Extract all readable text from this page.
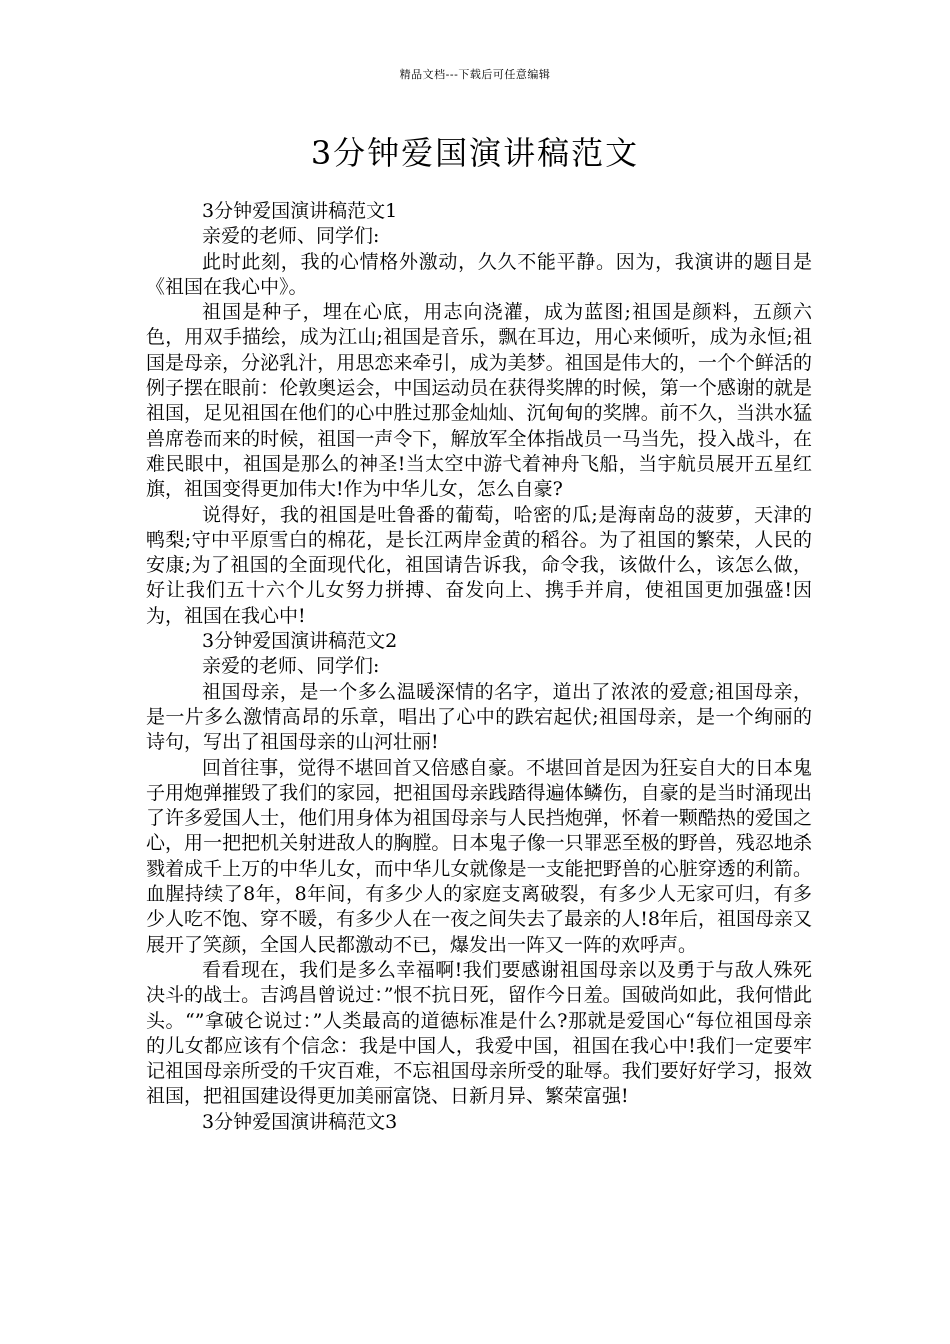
精品文档---下载后可任意编辑
3分钟爱国演讲稿范文

3分钟爱国演讲稿范文1

亲爱的老师、同学们:

此时此刻，我的心情格外激动，久久不能平静。因为，我演讲的题目是《祖国在我心中》。

祖国是种子，埋在心底，用志向浇灌，成为蓝图;祖国是颜料，五颜六色，用双手描绘，成为江山;祖国是音乐，飘在耳边，用心来倾听，成为永恒;祖国是母亲，分泌乳汁，用思恋来牵引，成为美梦。祖国是伟大的，一个个鲜活的例子摆在眼前：伦敦奥运会，中国运动员在获得奖牌的时候，第一个感谢的就是祖国，足见祖国在他们的心中胜过那金灿灿、沉甸甸的奖牌。前不久，当洪水猛兽席卷而来的时候，祖国一声令下，解放军全体指战员一马当先，投入战斗，在难民眼中，祖国是那么的神圣!当太空中游弋着神舟飞船，当宇航员展开五星红旗，祖国变得更加伟大!作为中华儿女，怎么自豪?

说得好，我的祖国是吐鲁番的葡萄，哈密的瓜;是海南岛的菠萝，天津的鸭梨;守中平原雪白的棉花，是长江两岸金黄的稻谷。为了祖国的繁荣，人民的安康;为了祖国的全面现代化，祖国请告诉我，命令我，该做什么，该怎么做，好让我们五十六个儿女努力拼搏、奋发向上、携手并肩，使祖国更加强盛!因为，祖国在我心中!

3分钟爱国演讲稿范文2

亲爱的老师、同学们:

祖国母亲，是一个多么温暖深情的名字，道出了浓浓的爱意;祖国母亲，是一片多么激情高昂的乐章，唱出了心中的跌宕起伏;祖国母亲，是一个绚丽的诗句，写出了祖国母亲的山河壮丽!

回首往事，觉得不堪回首又倍感自豪。不堪回首是因为狂妄自大的日本鬼子用炮弹摧毁了我们的家园，把祖国母亲践踏得遍体鳞伤，自豪的是当时涌现出了许多爱国人士，他们用身体为祖国母亲与人民挡炮弹，怀着一颗酷热的爱国之心，用一把把机关射进敌人的胸膛。日本鬼子像一只罪恶至极的野兽，残忍地杀戮着成千上万的中华儿女，而中华儿女就像是一支能把野兽的心脏穿透的利箭。血腥持续了8年，8年间，有多少人的家庭支离破裂，有多少人无家可归，有多少人吃不饱、穿不暖，有多少人在一夜之间失去了最亲的人!8年后，祖国母亲又展开了笑颜，全国人民都激动不已，爆发出一阵又一阵的欢呼声。

看看现在，我们是多么幸福啊!我们要感谢祖国母亲以及勇于与敌人殊死决斗的战士。吉鸿昌曾说过：”恨不抗日死，留作今日羞。国破尚如此，我何惜此头。“”拿破仑说过：”人类最高的道德标准是什么?那就是爱国心“每位祖国母亲的儿女都应该有个信念：我是中国人，我爱中国，祖国在我心中!我们一定要牢记祖国母亲所受的千灾百难，不忘祖国母亲所受的耻辱。我们要好好学习，报效祖国，把祖国建设得更加美丽富饶、日新月异、繁荣富强!

3分钟爱国演讲稿范文3
